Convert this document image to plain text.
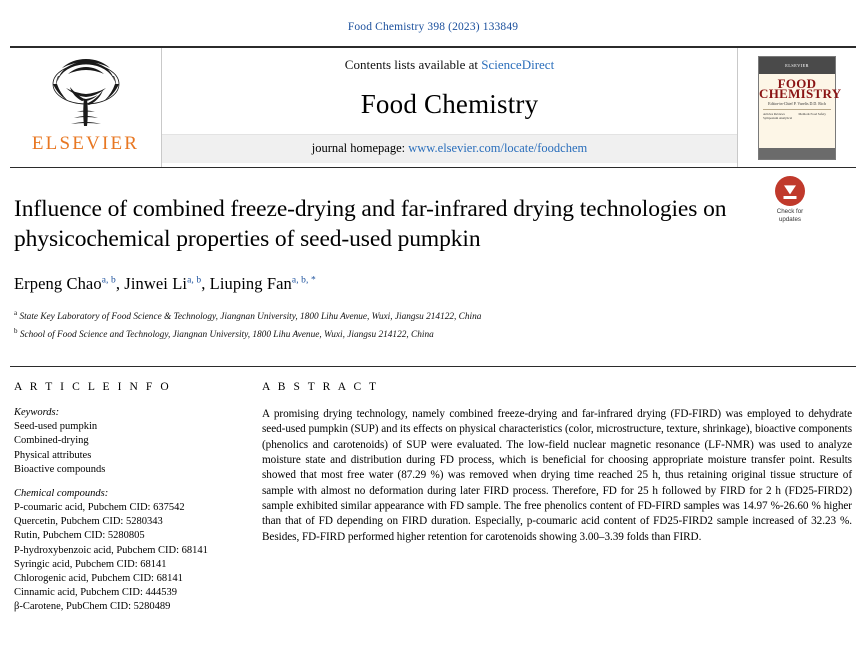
Food Chemistry 398 (2023) 133849
ELSEVIER
Contents lists available at ScienceDirect
Food Chemistry
journal homepage: www.elsevier.com/locate/foodchem
ELSEVIER
FOOD CHEMISTRY
Editor-in-Chief P. Varelis D.D. Rich
Articles Reviews Symposium Analytical Methods Food Safety
Influence of combined freeze-drying and far-infrared drying technologies on physicochemical properties of seed-used pumpkin
Check for
updates
Erpeng Chao$^{a, b}$, Jinwei Li$^{a, b}$, Liuping Fan$^{a, b, *}$
$^a$ State Key Laboratory of Food Science & Technology, Jiangnan University, 1800 Lihu Avenue, Wuxi, Jiangsu 214122, China
$^b$ School of Food Science and Technology, Jiangnan University, 1800 Lihu Avenue, Wuxi, Jiangsu 214122, China
A R T I C L E I N F O
Keywords:
Seed-used pumpkin
Combined-drying
Physical attributes
Bioactive compounds
Chemical compounds:
P-coumaric acid, Pubchem CID: 637542
Quercetin, Pubchem CID: 5280343
Rutin, Pubchem CID: 5280805
P-hydroxybenzoic acid, Pubchem CID: 68141
Syringic acid, Pubchem CID: 68141
Chlorogenic acid, Pubchem CID: 68141
Cinnamic acid, Pubchem CID: 444539
β-Carotene, PubChem CID: 5280489
A B S T R A C T
A promising drying technology, namely combined freeze-drying and far-infrared drying (FD-FIRD) was employed to dehydrate seed-used pumpkin (SUP) and its effects on physical characteristics (color, microstructure, texture, shrinkage), bioactive components (phenolics and carotenoids) of SUP were evaluated. The low-field nuclear magnetic resonance (LF-NMR) was used to analyze moisture state and distribution during FD process, which is beneficial for choosing appropriate moisture transfer point. Results showed that most free water (87.29 %) was removed when drying time reached 25 h, thus retaining original tissue structure of sample with almost no deformation during later FIRD process. Therefore, FD for 25 h followed by FIRD for 2 h (FD25-FIRD2) sample exhibited similar appearance with FD sample. The free phenolics content of FD-FIRD samples was 14.97 %-26.60 % higher than that of FD depending on FIRD duration. Especially, p-coumaric acid content of FD25-FIRD2 sample increased of 32.23 %. Besides, FD-FIRD performed higher retention for carotenoids showing 3.00–3.39 folds than FIRD.
